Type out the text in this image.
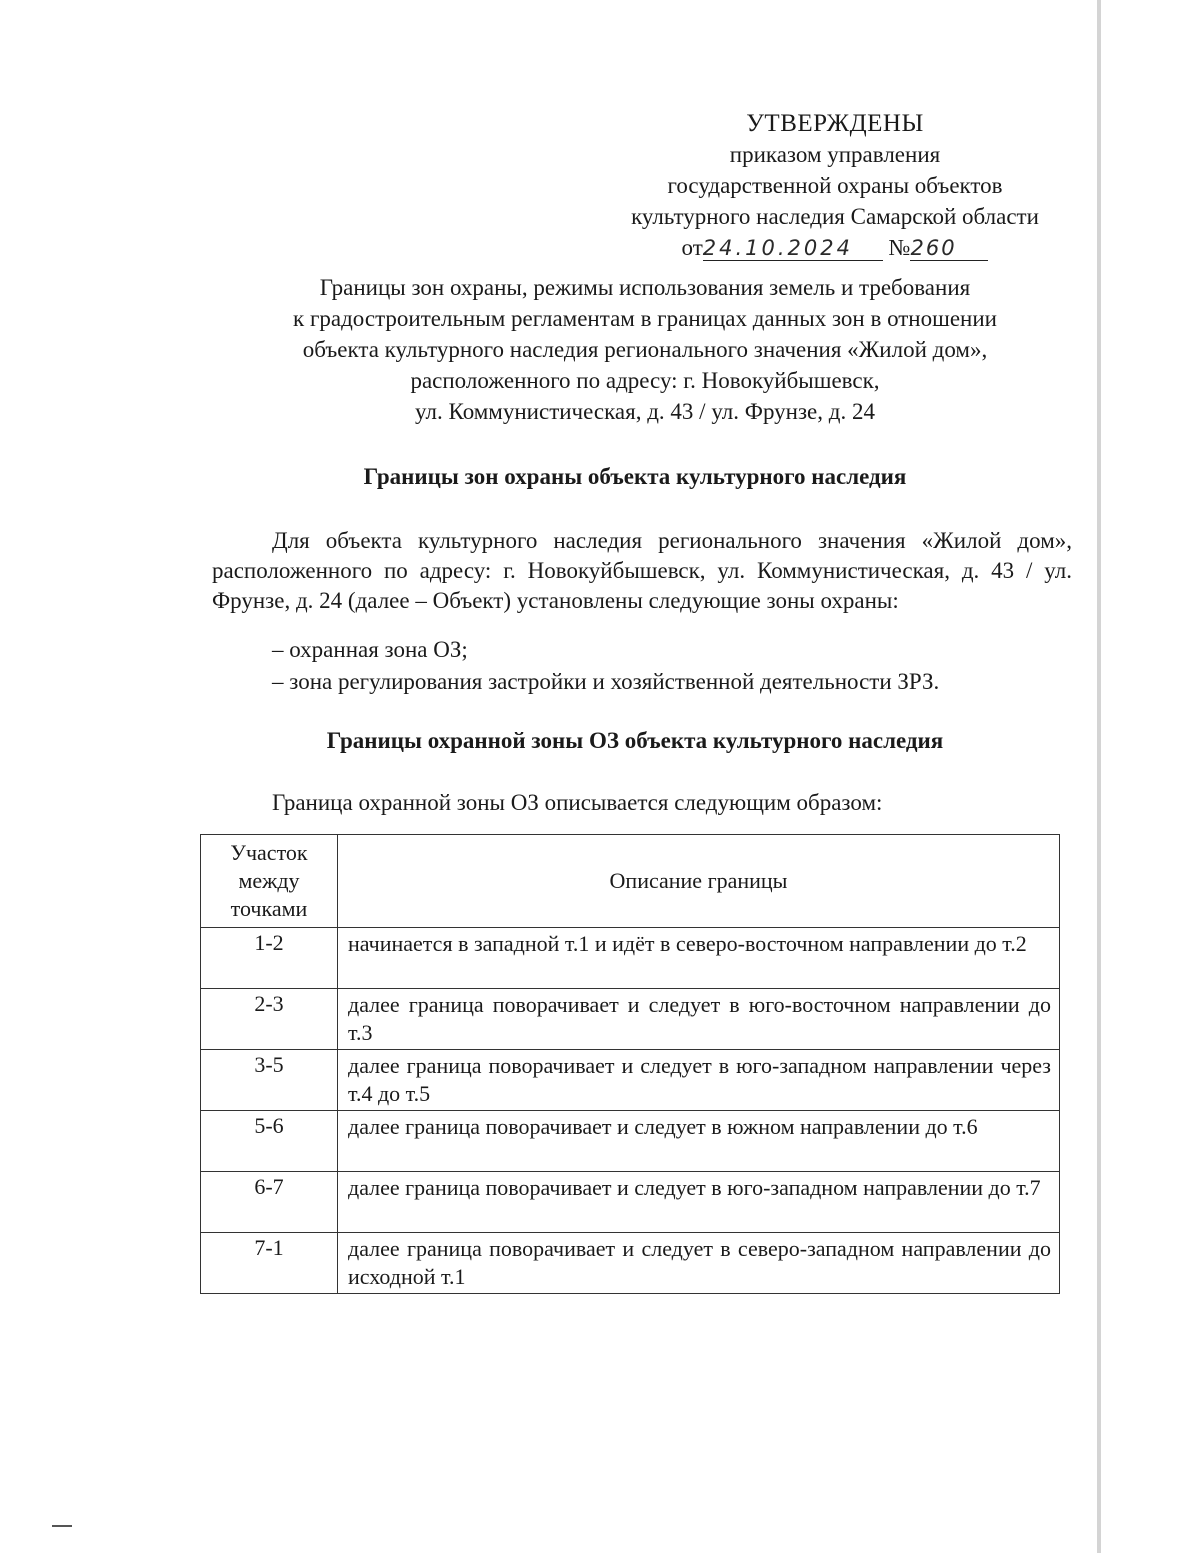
УТВЕРЖДЕНЫ
приказом управления
государственной охраны объектов
культурного наследия Самарской области
от24.10.2024 №260
Границы зон охраны, режимы использования земель и требования
к градостроительным регламентам в границах данных зон в отношении
объекта культурного наследия регионального значения «Жилой дом»,
расположенного по адресу: г. Новокуйбышевск,
ул. Коммунистическая, д. 43 / ул. Фрунзе, д. 24
Границы зон охраны объекта культурного наследия
Для объекта культурного наследия регионального значения «Жилой дом», расположенного по адресу: г. Новокуйбышевск, ул. Коммунистическая, д. 43 / ул. Фрунзе, д. 24 (далее – Объект) установлены следующие зоны охраны:
– охранная зона ОЗ;
– зона регулирования застройки и хозяйственной деятельности ЗРЗ.
Границы охранной зоны ОЗ объекта культурного наследия
Граница охранной зоны ОЗ описывается следующим образом:
Участок
между
точками	Описание границы
1-2	начинается в западной т.1 и идёт в северо-восточном направлении до т.2
2-3	далее граница поворачивает и следует в юго-восточном направлении до т.3
3-5	далее граница поворачивает и следует в юго-западном направлении через т.4 до т.5
5-6	далее граница поворачивает и следует в южном направлении до т.6
6-7	далее граница поворачивает и следует в юго-западном направлении до т.7
7-1	далее граница поворачивает и следует в северо-западном направлении до исходной т.1
